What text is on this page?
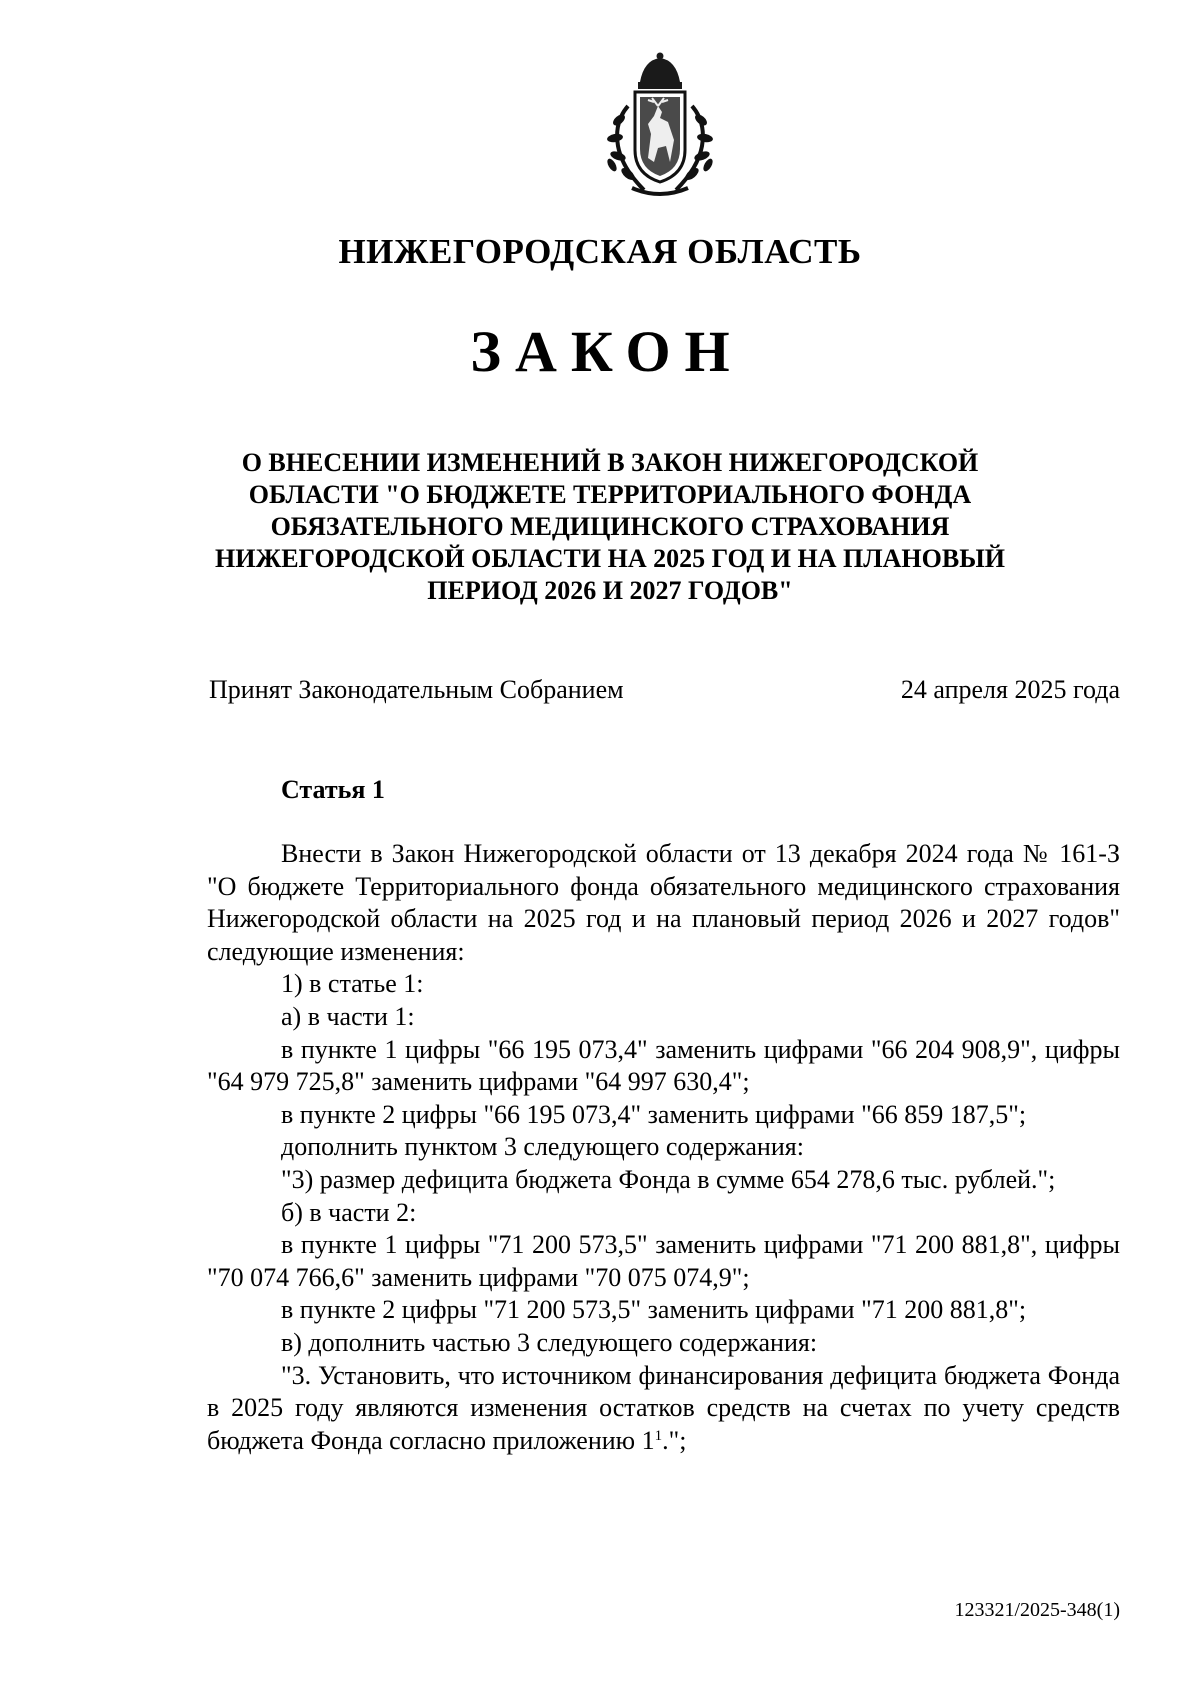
НИЖЕГОРОДСКАЯ ОБЛАСТЬ
ЗАКОН
О ВНЕСЕНИИ ИЗМЕНЕНИЙ В ЗАКОН НИЖЕГОРОДСКОЙ
ОБЛАСТИ "О БЮДЖЕТЕ ТЕРРИТОРИАЛЬНОГО ФОНДА
ОБЯЗАТЕЛЬНОГО МЕДИЦИНСКОГО СТРАХОВАНИЯ
НИЖЕГОРОДСКОЙ ОБЛАСТИ НА 2025 ГОД И НА ПЛАНОВЫЙ
ПЕРИОД 2026 И 2027 ГОДОВ"
Принят Законодательным Собранием	24 апреля 2025 года
Статья 1

Внести в Закон Нижегородской области от 13 декабря 2024 года № 161-З "О бюджете Территориального фонда обязательного медицинского страхования Нижегородской области на 2025 год и на плановый период 2026 и 2027 годов" следующие изменения:

1) в статье 1:

а) в части 1:

в пункте 1 цифры "66 195 073,4" заменить цифрами "66 204 908,9", цифры "64 979 725,8" заменить цифрами "64 997 630,4";

в пункте 2 цифры "66 195 073,4" заменить цифрами "66 859 187,5";

дополнить пунктом 3 следующего содержания:

"3) размер дефицита бюджета Фонда в сумме 654 278,6 тыс. рублей.";

б) в части 2:

в пункте 1 цифры "71 200 573,5" заменить цифрами "71 200 881,8", цифры "70 074 766,6" заменить цифрами "70 075 074,9";

в пункте 2 цифры "71 200 573,5" заменить цифрами "71 200 881,8";

в) дополнить частью 3 следующего содержания:

"3. Установить, что источником финансирования дефицита бюджета Фонда в 2025 году являются изменения остатков средств на счетах по учету средств бюджета Фонда согласно приложению $1^1$.";

123321/2025-348(1)
